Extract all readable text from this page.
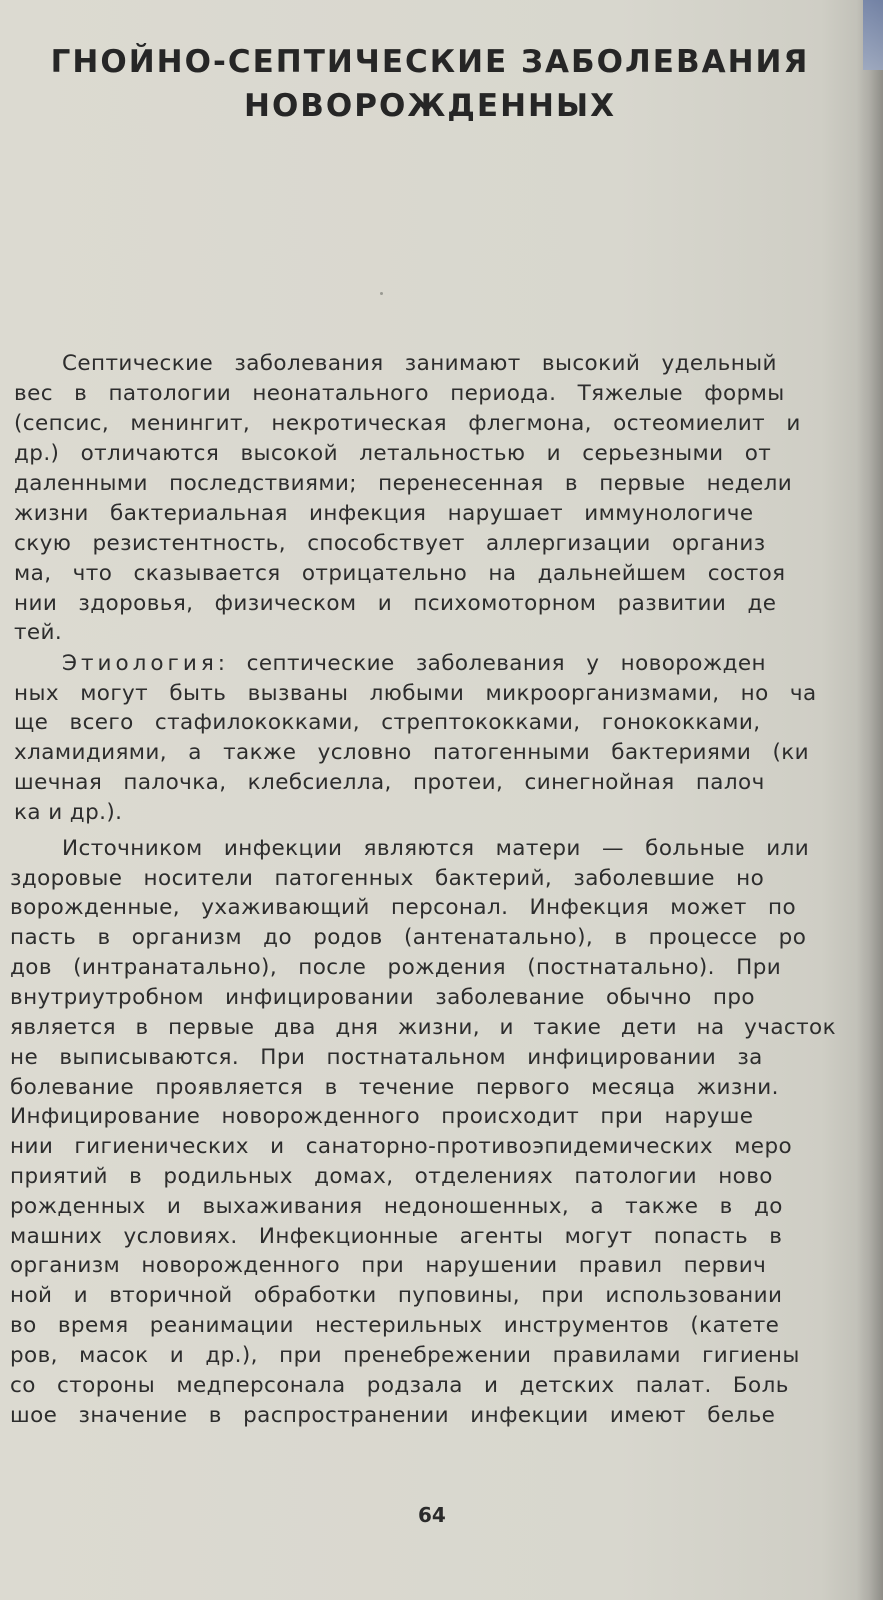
ГНОЙНО-СЕПТИЧЕСКИЕ ЗАБОЛЕВАНИЯ
НОВОРОЖДЕННЫХ
Септические заболевания занимают высокий удельный
вес в патологии неонатального периода. Тяжелые формы
(сепсис, менингит, некротическая флегмона, остеомиелит и
др.) отличаются высокой летальностью и серьезными от
даленными последствиями; перенесенная в первые недели
жизни бактериальная инфекция нарушает иммунологиче
скую резистентность, способствует аллергизации организ
ма, что сказывается отрицательно на дальнейшем состоя
нии здоровья, физическом и психомоторном развитии де
тей.
Этиология: септические заболевания у новорожден
ных могут быть вызваны любыми микроорганизмами, но ча
ще всего стафилококками, стрептококками, гонококками,
хламидиями, а также условно патогенными бактериями (ки
шечная палочка, клебсиелла, протеи, синегнойная палоч
ка и др.).
Источником инфекции являются матери — больные или
здоровые носители патогенных бактерий, заболевшие но
ворожденные, ухаживающий персонал. Инфекция может по
пасть в организм до родов (антенатально), в процессе ро
дов (интранатально), после рождения (постнатально). При
внутриутробном инфицировании заболевание обычно про
является в первые два дня жизни, и такие дети на участок
не выписываются. При постнатальном инфицировании за
болевание проявляется в течение первого месяца жизни.
Инфицирование новорожденного происходит при наруше
нии гигиенических и санаторно-противоэпидемических меро
приятий в родильных домах, отделениях патологии ново
рожденных и выхаживания недоношенных, а также в до
машних условиях. Инфекционные агенты могут попасть в
организм новорожденного при нарушении правил первич
ной и вторичной обработки пуповины, при использовании
во время реанимации нестерильных инструментов (катете
ров, масок и др.), при пренебрежении правилами гигиены
со стороны медперсонала родзала и детских палат. Боль
шое значение в распространении инфекции имеют белье
64
